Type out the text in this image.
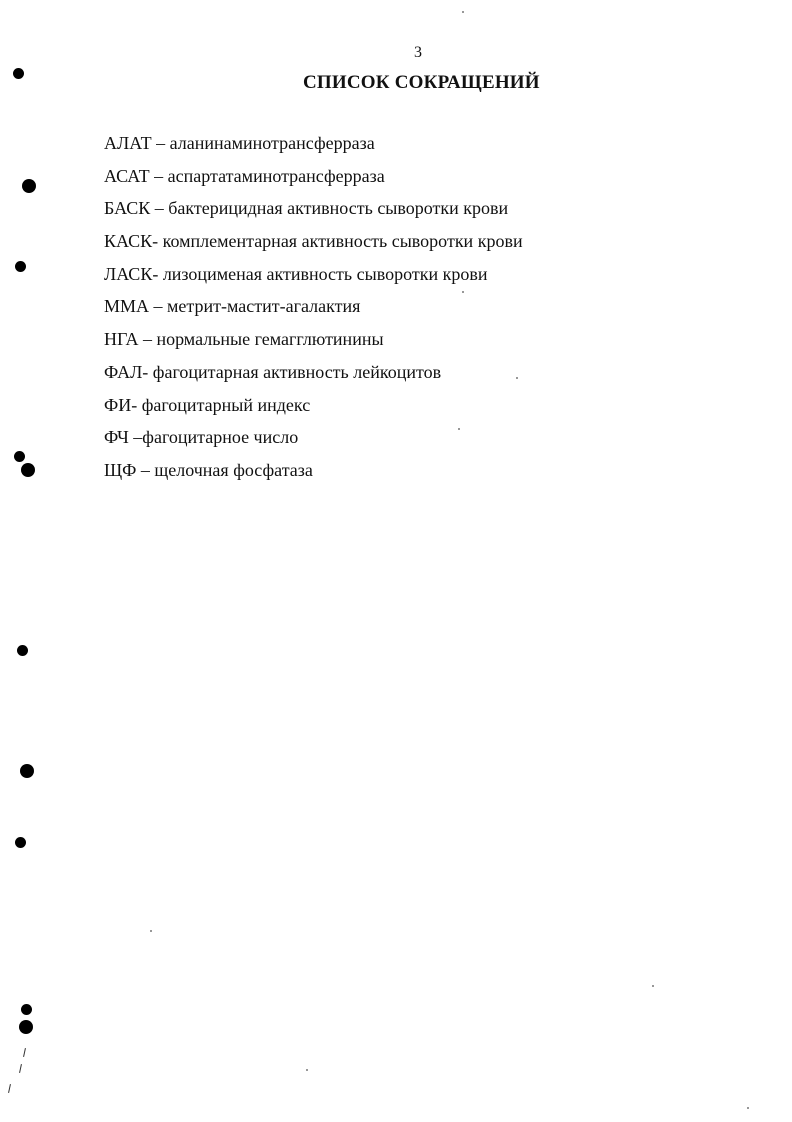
3
СПИСОК СОКРАЩЕНИЙ
АЛАТ – аланинаминотрансферраза
АСАТ – аспартатаминотрансферраза
БАСК – бактерицидная активность сыворотки крови
КАСК- комплементарная активность сыворотки крови
ЛАСК- лизоцименая активность сыворотки крови
ММА – метрит-мастит-агалактия
НГА – нормальные гемагглютинины
ФАЛ- фагоцитарная активность лейкоцитов
ФИ- фагоцитарный индекс
ФЧ –фагоцитарное число
ЩФ – щелочная фосфатаза
